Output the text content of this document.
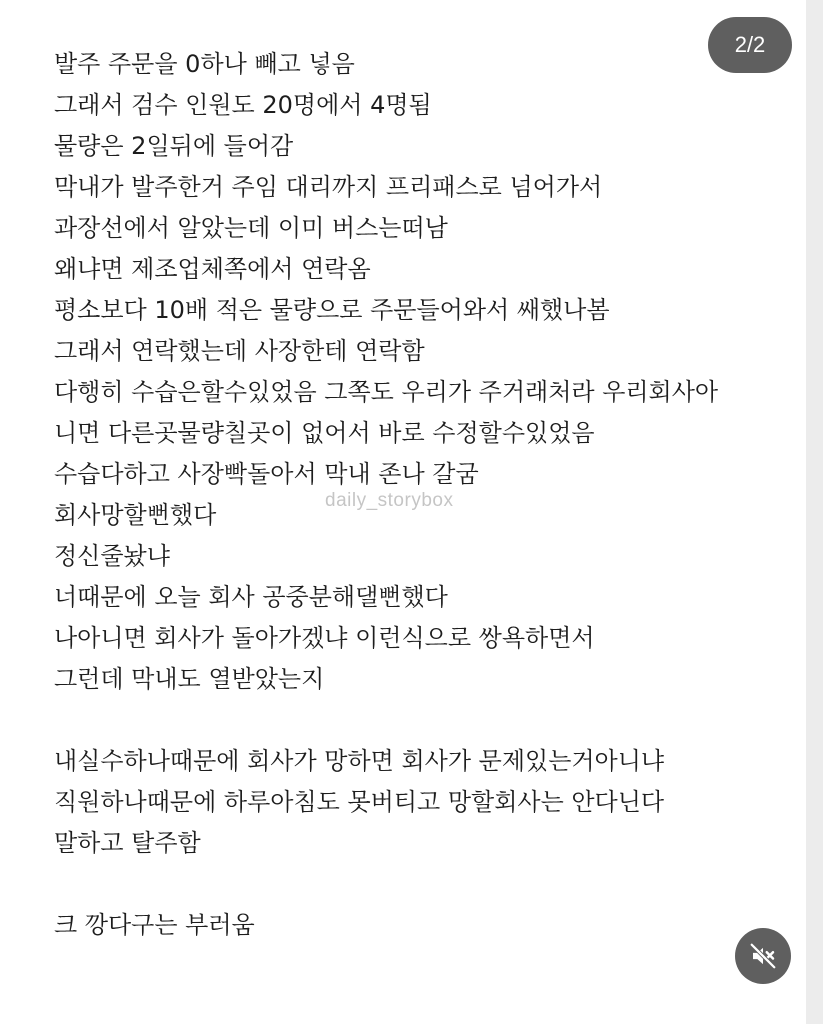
발주 주문을 0하나 빼고 넣음
그래서 검수 인원도 20명에서 4명됨
물량은 2일뒤에 들어감
막내가 발주한거 주임 대리까지 프리패스로 넘어가서
과장선에서 알았는데 이미 버스는떠남
왜냐면 제조업체쪽에서 연락옴
평소보다 10배 적은 물량으로 주문들어와서 쌔했나봄
그래서 연락했는데 사장한테 연락함
다행히 수습은할수있었음 그쪽도 우리가 주거래처라 우리회사아
니면 다른곳물량칠곳이 없어서 바로 수정할수있었음
수습다하고 사장빡돌아서 막내 존나 갈굼
회사망할뻔했다
정신줄놨냐
너때문에 오늘 회사 공중분해댈뻔했다
나아니면 회사가 돌아가겠냐 이런식으로 쌍욕하면서
그런데 막내도 열받았는지
내실수하나때문에 회사가 망하면 회사가 문제있는거아니냐
직원하나때문에 하루아침도 못버티고 망할회사는 안다닌다
말하고 탈주함
크 깡다구는 부러움
daily_storybox
2/2
